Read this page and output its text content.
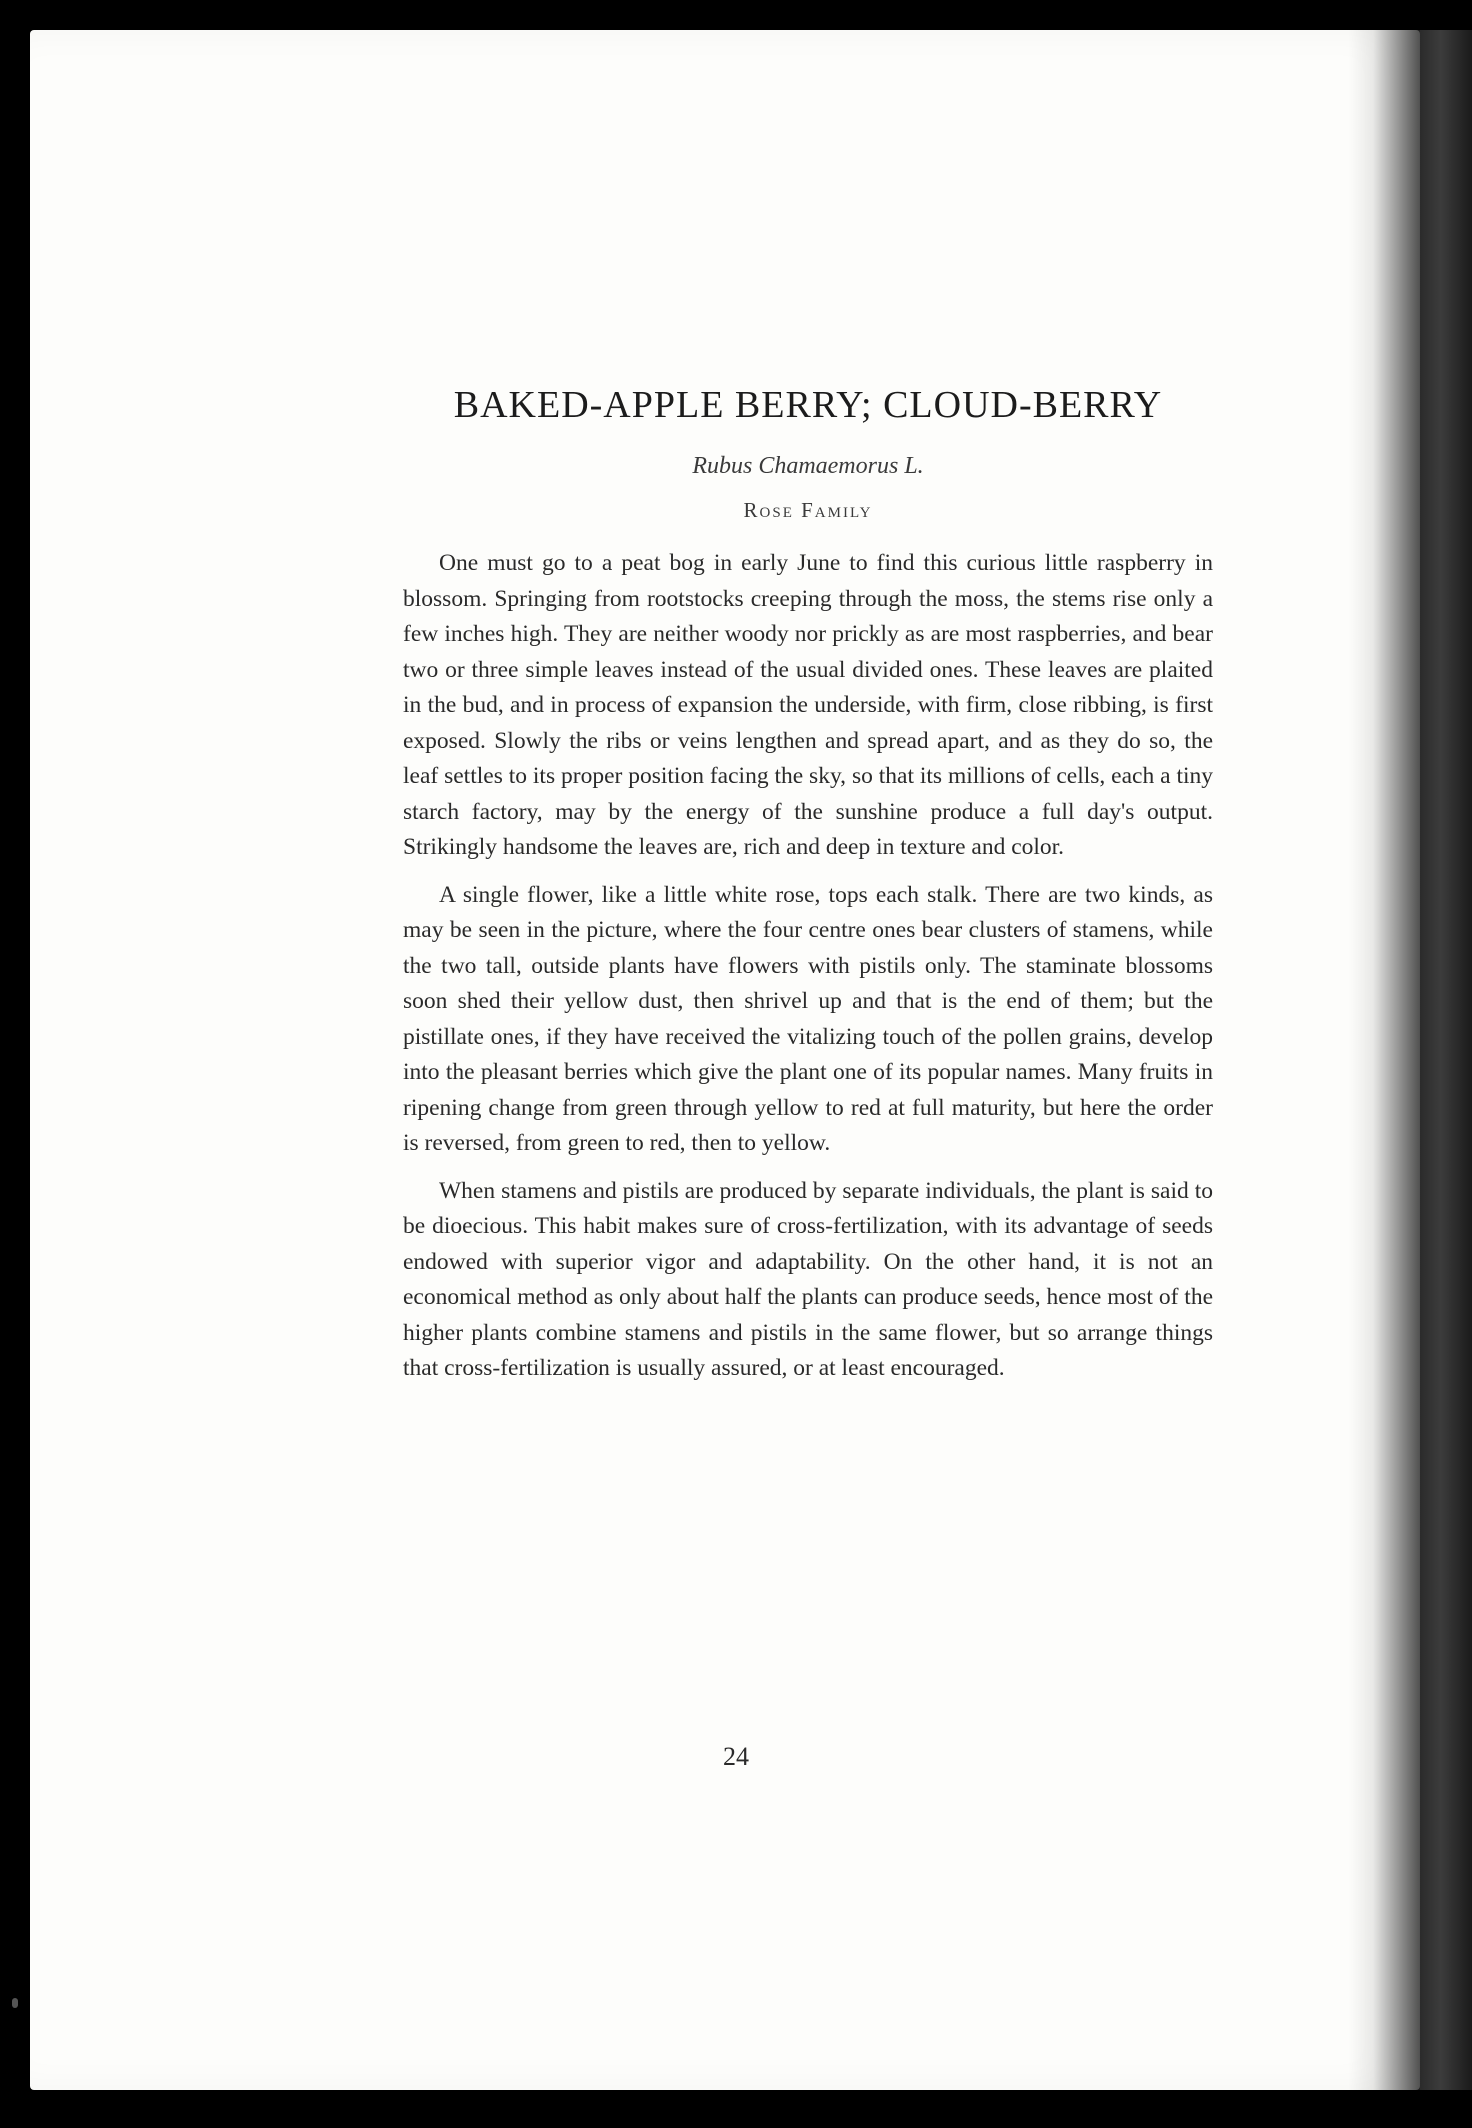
BAKED-APPLE BERRY; CLOUD-BERRY
Rubus Chamaemorus L.
Rose Family

One must go to a peat bog in early June to find this curious little raspberry in blossom. Springing from rootstocks creeping through the moss, the stems rise only a few inches high. They are neither woody nor prickly as are most raspberries, and bear two or three simple leaves instead of the usual divided ones. These leaves are plaited in the bud, and in process of expansion the underside, with firm, close ribbing, is first exposed. Slowly the ribs or veins lengthen and spread apart, and as they do so, the leaf settles to its proper position facing the sky, so that its millions of cells, each a tiny starch factory, may by the energy of the sunshine produce a full day's output. Strikingly handsome the leaves are, rich and deep in texture and color.

A single flower, like a little white rose, tops each stalk. There are two kinds, as may be seen in the picture, where the four centre ones bear clusters of stamens, while the two tall, outside plants have flowers with pistils only. The staminate blossoms soon shed their yellow dust, then shrivel up and that is the end of them; but the pistillate ones, if they have received the vitalizing touch of the pollen grains, develop into the pleasant berries which give the plant one of its popular names. Many fruits in ripening change from green through yellow to red at full maturity, but here the order is reversed, from green to red, then to yellow.

When stamens and pistils are produced by separate individuals, the plant is said to be dioecious. This habit makes sure of cross-fertilization, with its advantage of seeds endowed with superior vigor and adaptability. On the other hand, it is not an economical method as only about half the plants can produce seeds, hence most of the higher plants combine stamens and pistils in the same flower, but so arrange things that cross-fertilization is usually assured, or at least encouraged.

24
